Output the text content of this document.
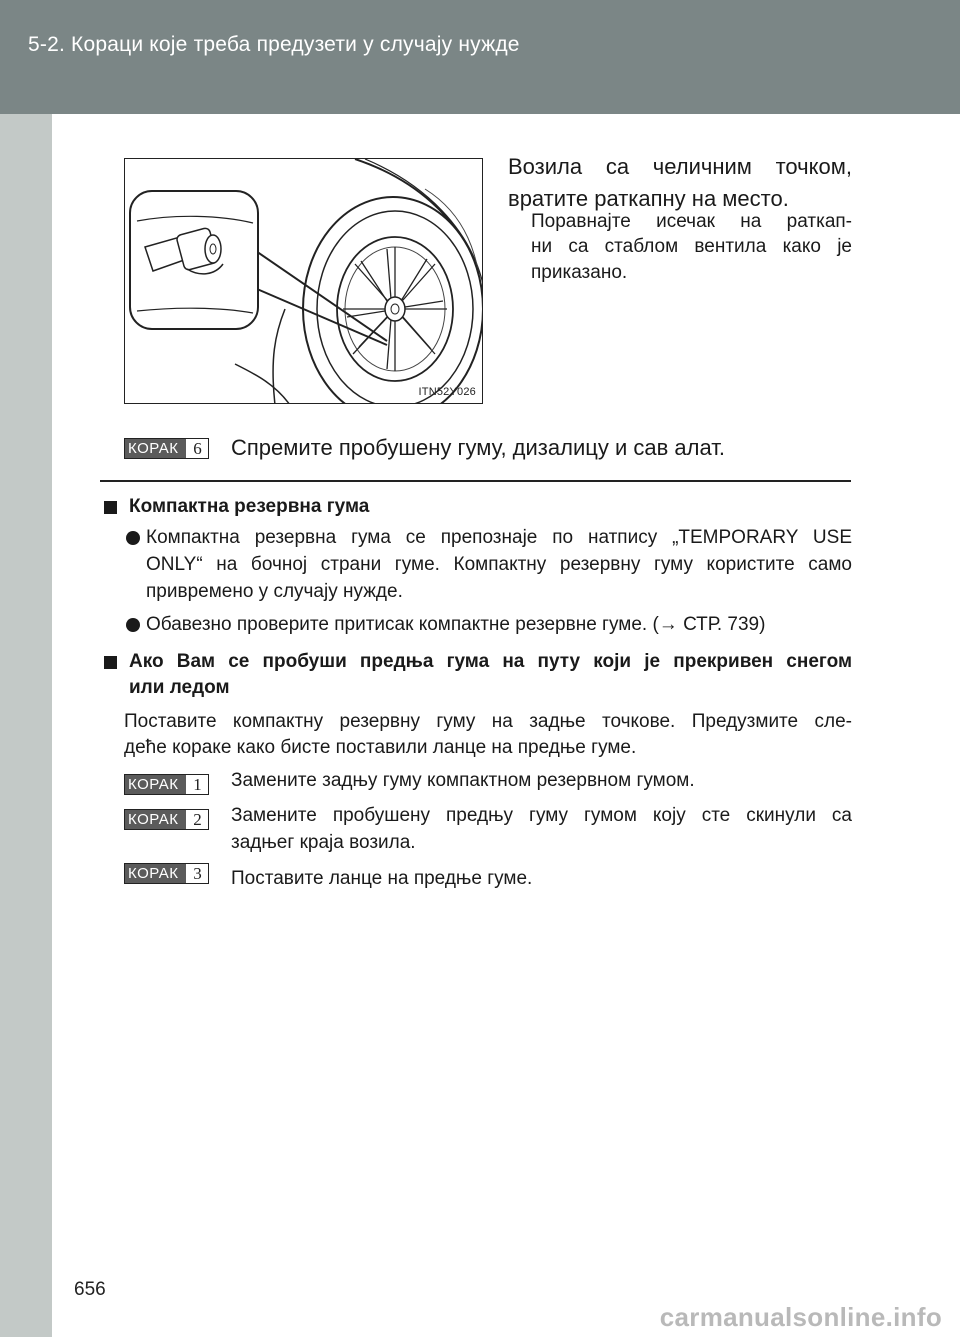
5-2. Кораци које треба предузети у случају нужде
ITN52Y026
Возила са челичним точком,
вратите раткапну на место.
Поравнајте исечак на раткап-
ни са стаблом вентила како је
приказано.
КОРАК 6	Спремите пробушену гуму, дизалицу и сав алат.
Компактна резервна гума
Компактна резервна гума се препознаје по натпису „TEMPORARY USE
ONLY“ на бочној страни гуме. Компактну резервну гуму користите само
привремено у случају нужде.
Обавезно проверите притисак компактне резервне гуме. (→ СТР. 739)
Ако Вам се пробуши предња гума на путу који је прекривен снегом
или ледом
Поставите компактну резервну гуму на задње точкове. Предузмите сле-
деће кораке како бисте поставили ланце на предње гуме.
КОРАК 1	Замените задњу гуму компактном резервном гумом.
КОРАК 2	Замените пробушену предњу гуму гумом коју сте скинули са
задњег краја возила.
КОРАК 3	Поставите ланце на предње гуме.
656
carmanualsonline.info
